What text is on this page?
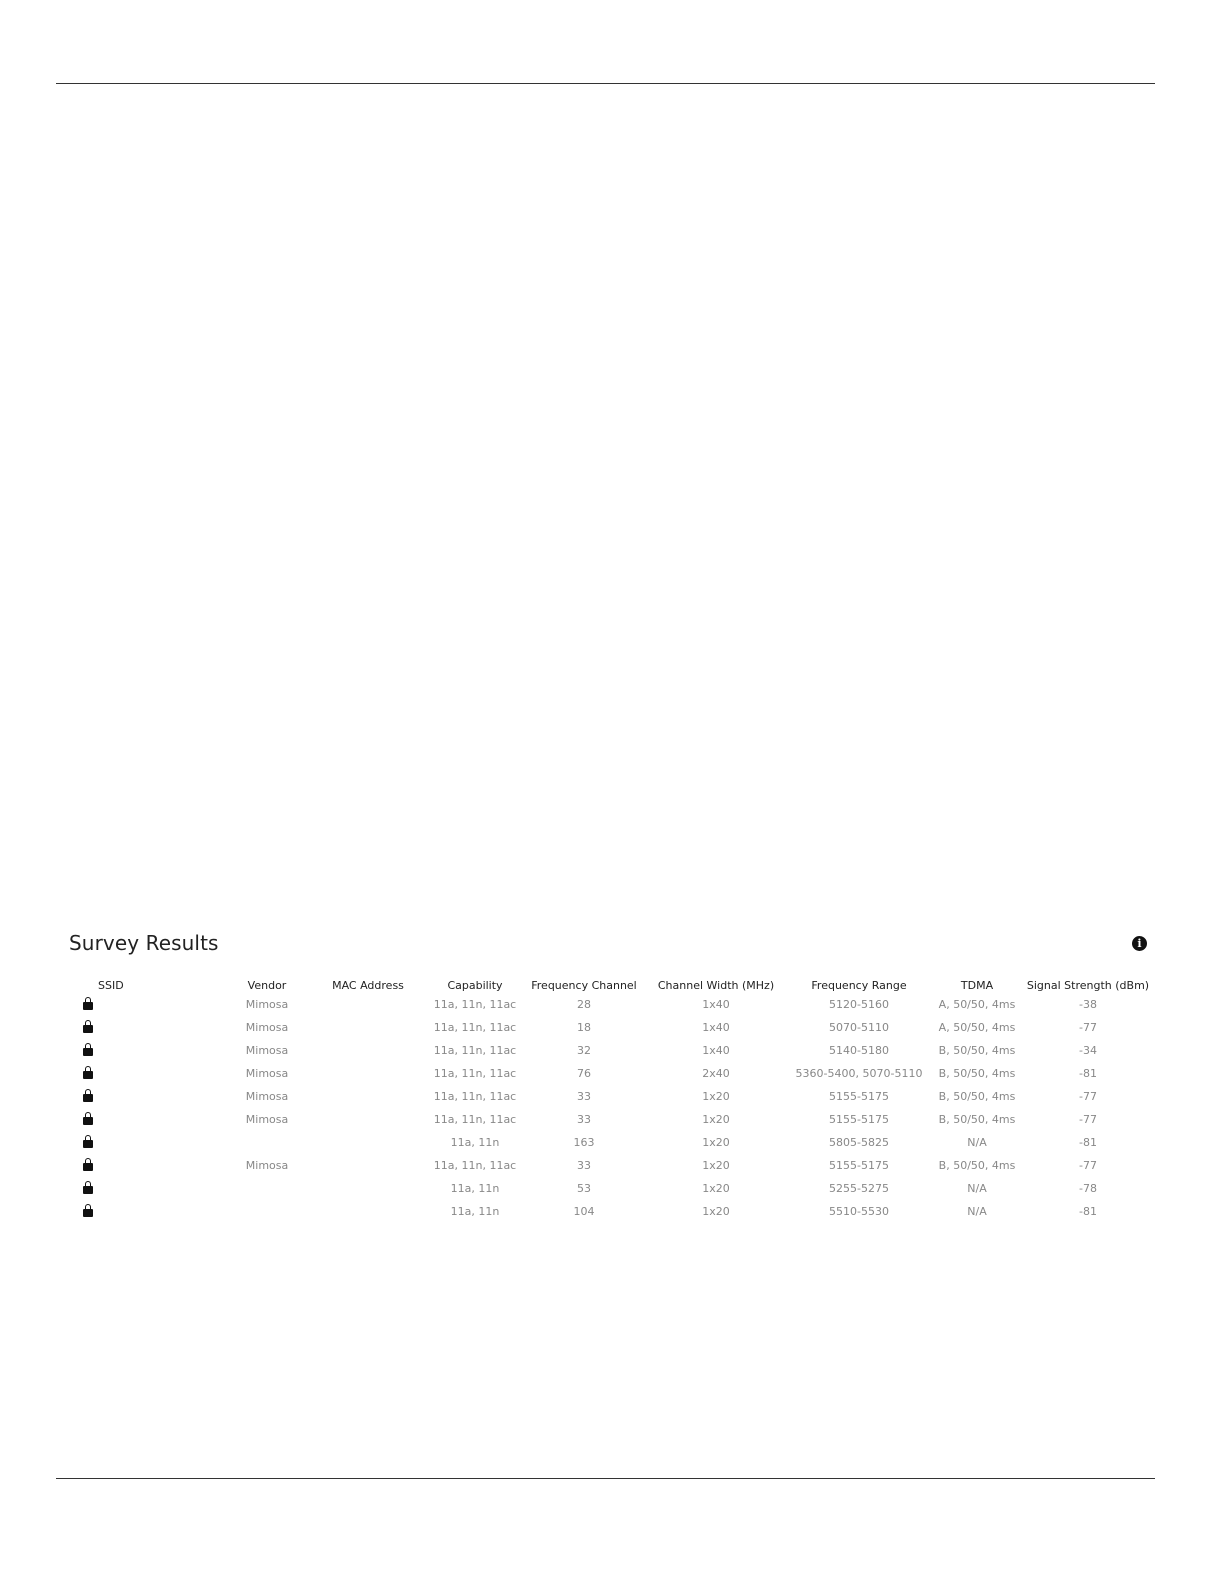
Survey Results	i
SSID	Vendor	MAC Address	Capability	Frequency Channel	Channel Width (MHz)	Frequency Range	TDMA	Signal Strength (dBm)
	Mimosa		11a, 11n, 11ac	28	1x40	5120-5160	A, 50/50, 4ms	-38
	Mimosa		11a, 11n, 11ac	18	1x40	5070-5110	A, 50/50, 4ms	-77
	Mimosa		11a, 11n, 11ac	32	1x40	5140-5180	B, 50/50, 4ms	-34
	Mimosa		11a, 11n, 11ac	76	2x40	5360-5400, 5070-5110	B, 50/50, 4ms	-81
	Mimosa		11a, 11n, 11ac	33	1x20	5155-5175	B, 50/50, 4ms	-77
	Mimosa		11a, 11n, 11ac	33	1x20	5155-5175	B, 50/50, 4ms	-77
			11a, 11n	163	1x20	5805-5825	N/A	-81
	Mimosa		11a, 11n, 11ac	33	1x20	5155-5175	B, 50/50, 4ms	-77
			11a, 11n	53	1x20	5255-5275	N/A	-78
			11a, 11n	104	1x20	5510-5530	N/A	-81
